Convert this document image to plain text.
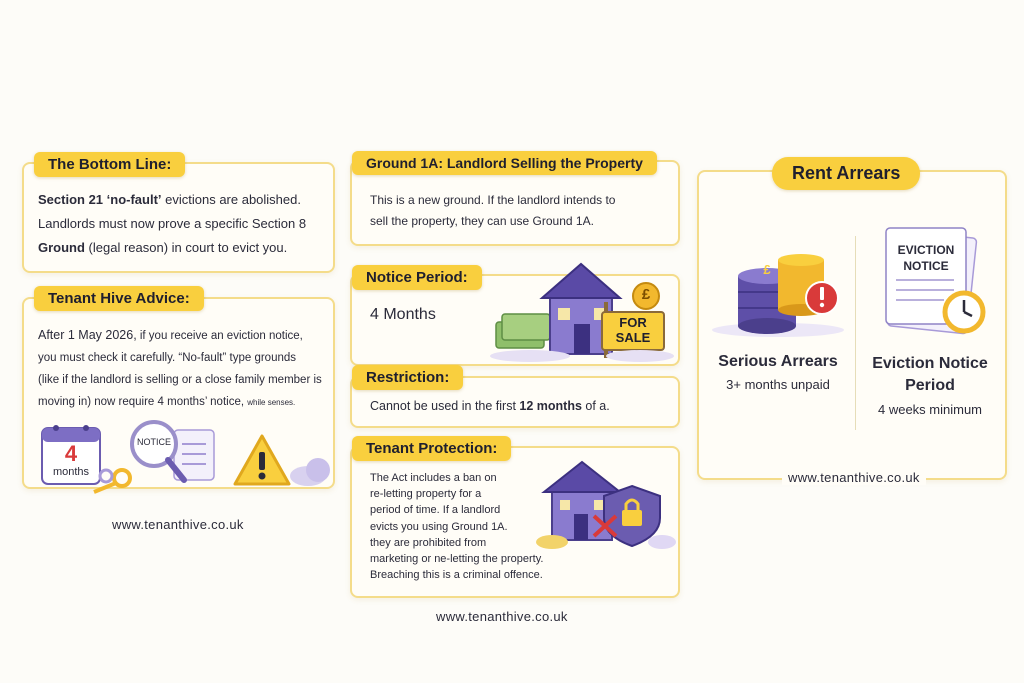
The Bottom Line:
Section 21 ‘no-fault’ evictions are abolished.
Landlords must now prove a specific Section 8
Ground (legal reason) in court to evict you.
Tenant Hive Advice:
After 1 May 2026, if you receive an eviction notice,
you must check it carefully. “No-fault” type grounds
(like if the landlord is selling or a close family member is
moving in) now require 4 months’ notice, while senses.
4
months
NOTICE
www.tenanthive.co.uk
Ground 1A: Landlord Selling the Property
This is a new ground. If the landlord intends to
sell the property, they can use Ground 1A.
Notice Period:
4 Months
£
FOR
SALE
Restriction:
Cannot be used in the first 12 months of a.
Tenant Protection:
The Act includes a ban on
re-letting property for a
period of time. If a landlord
evicts you using Ground 1A.
they are prohibited from
marketing or ne-letting the property.
Breaching this is a criminal offence.
www.tenanthive.co.uk
Rent Arrears
£
EVICTION
NOTICE
Serious Arrears
3+ months unpaid
Eviction Notice
Period
4 weeks minimum
www.tenanthive.co.uk
